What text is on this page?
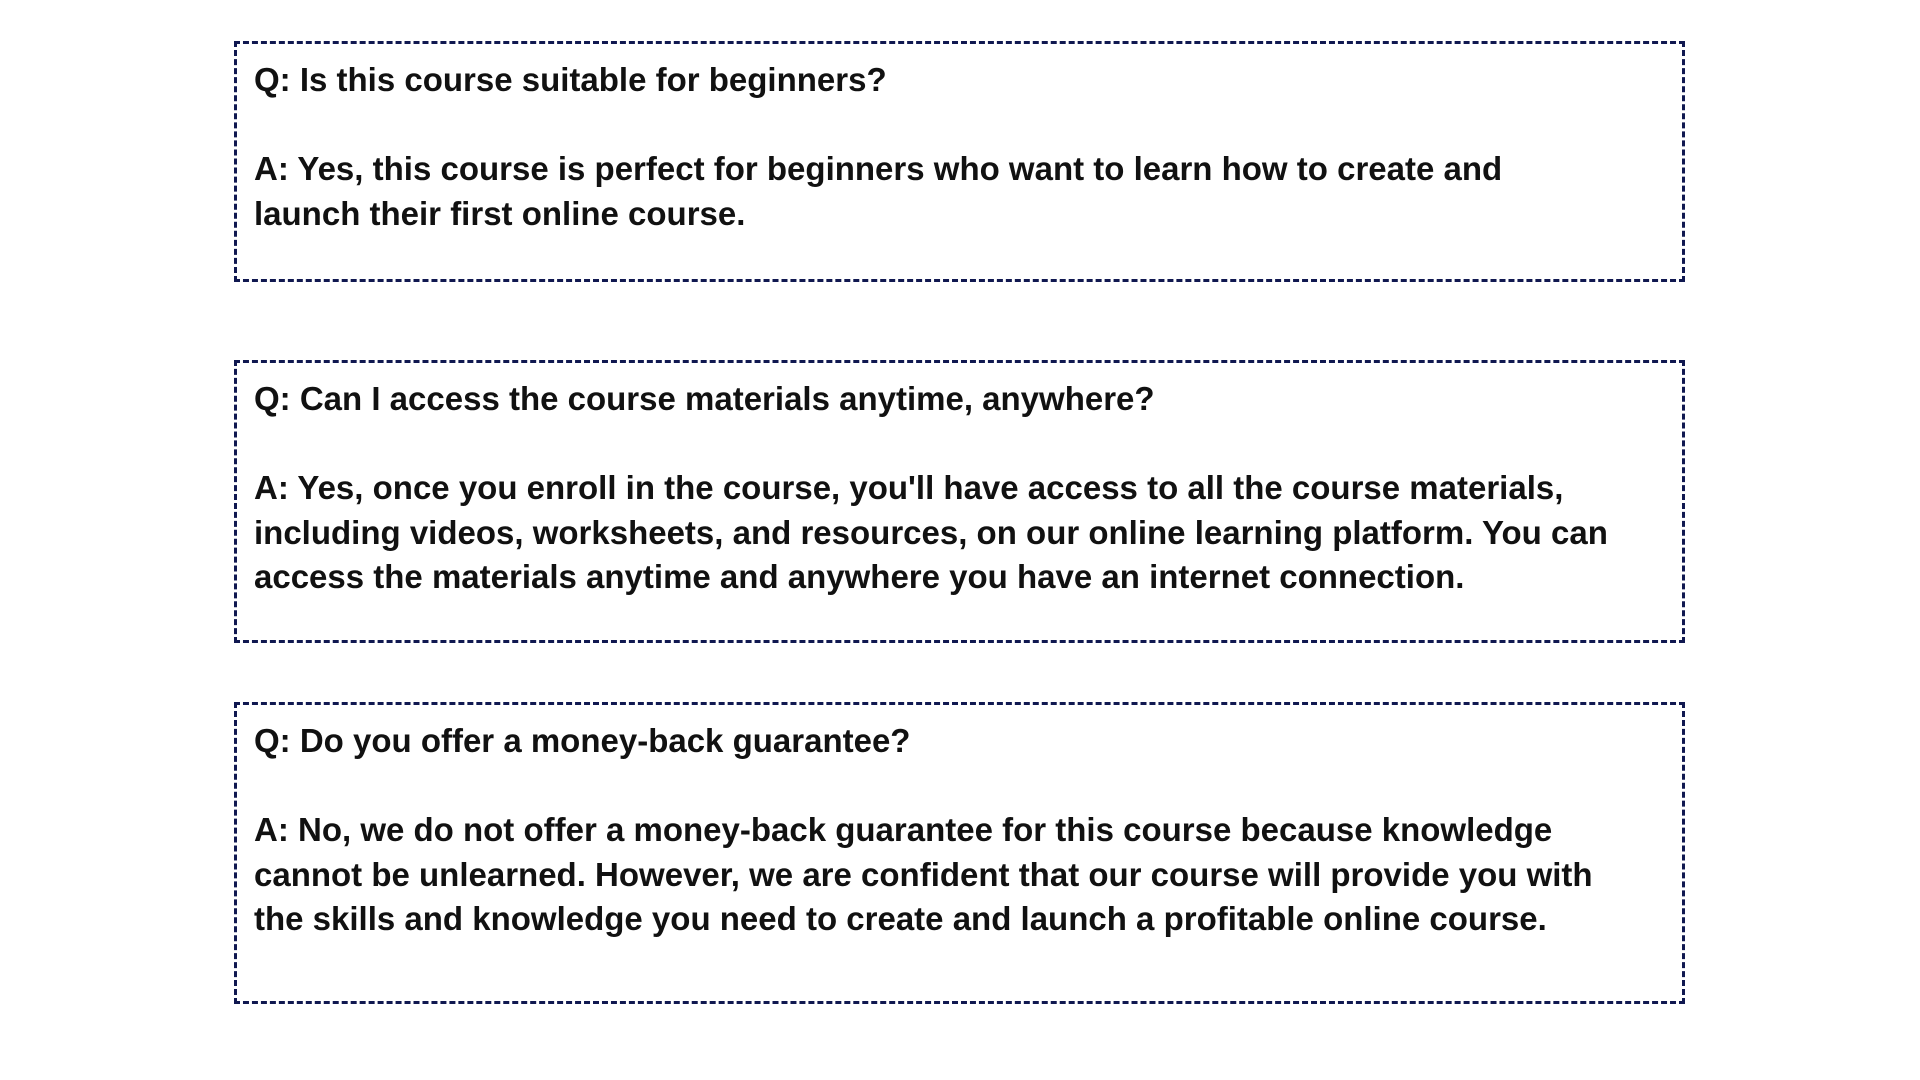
Q: Is this course suitable for beginners?

A: Yes, this course is perfect for beginners who want to learn how to create and
launch their first online course.

Q: Can I access the course materials anytime, anywhere?

A: Yes, once you enroll in the course, you'll have access to all the course materials,
including videos, worksheets, and resources, on our online learning platform. You can
access the materials anytime and anywhere you have an internet connection.

Q: Do you offer a money-back guarantee?

A: No, we do not offer a money-back guarantee for this course because knowledge
cannot be unlearned. However, we are confident that our course will provide you with
the skills and knowledge you need to create and launch a profitable online course.
